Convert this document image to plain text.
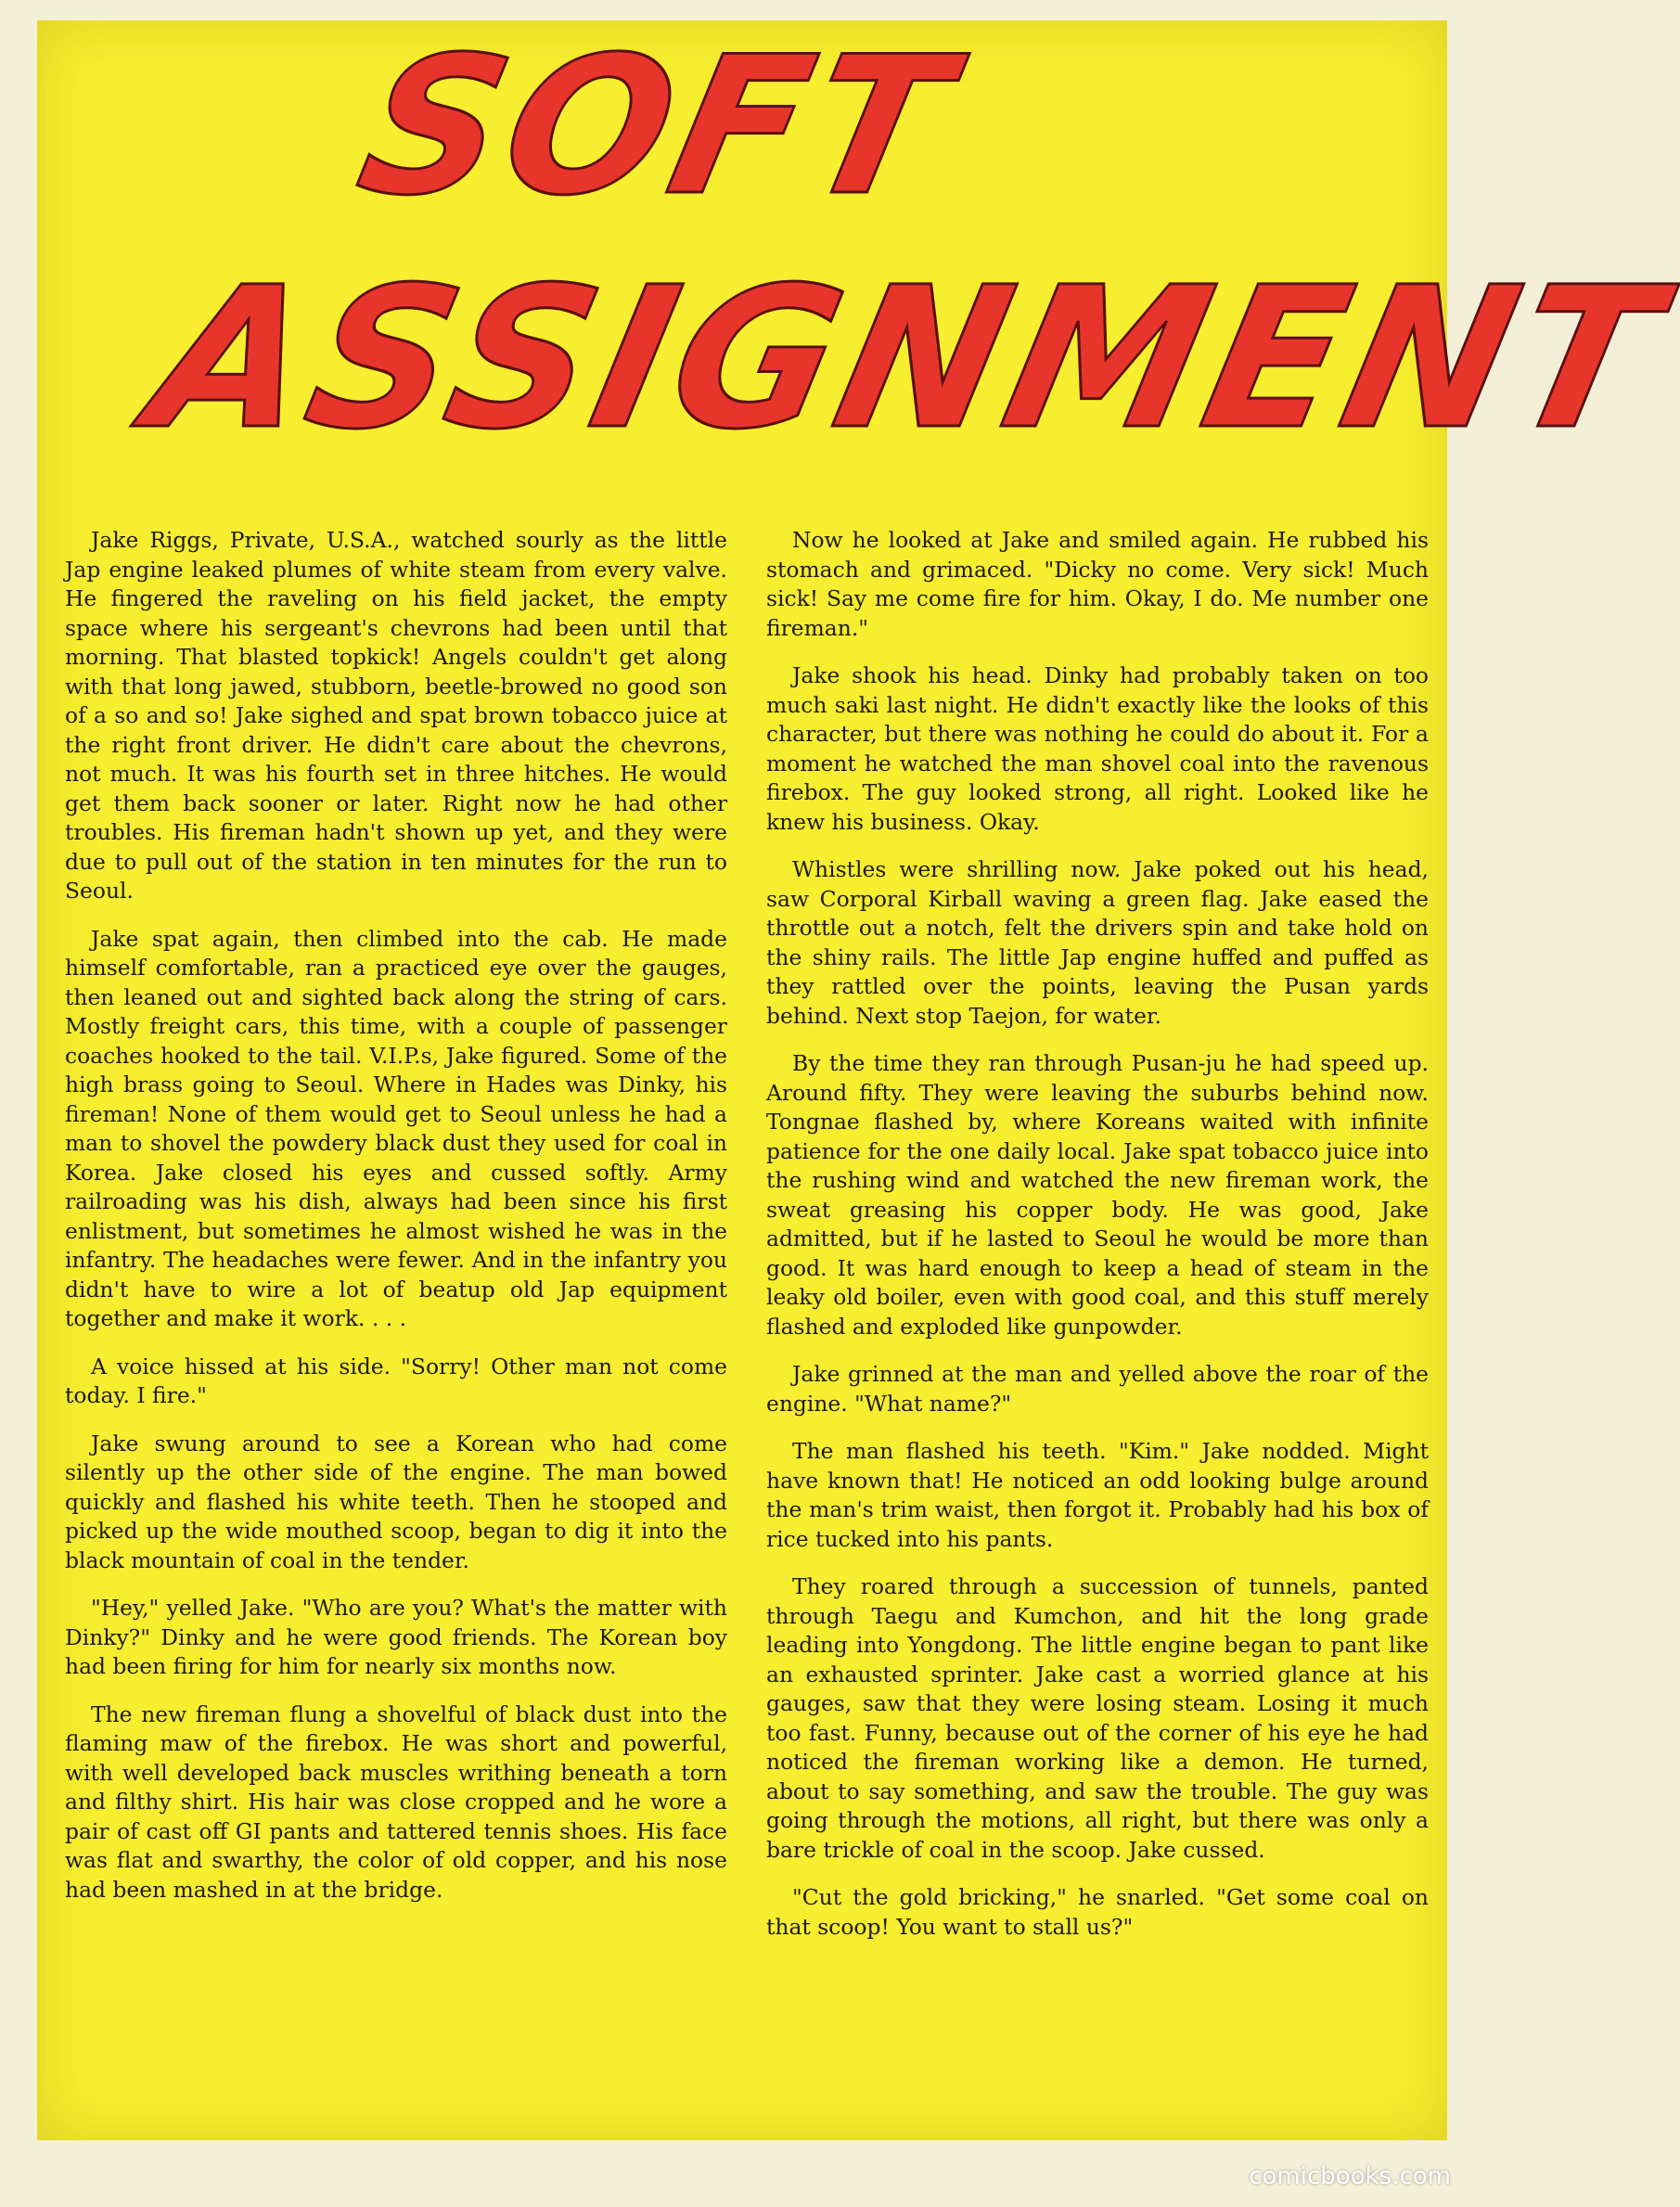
SOFT
ASSIGNMENT

Jake Riggs, Private, U.S.A., watched sourly as the little Jap engine leaked plumes of white steam from every valve. He fingered the raveling on his field jacket, the empty space where his sergeant's chevrons had been until that morning. That blasted topkick! Angels couldn't get along with that long jawed, stubborn, beetle-browed no good son of a so and so! Jake sighed and spat brown tobacco juice at the right front driver. He didn't care about the chevrons, not much. It was his fourth set in three hitches. He would get them back sooner or later. Right now he had other troubles. His fireman hadn't shown up yet, and they were due to pull out of the station in ten minutes for the run to Seoul.

Jake spat again, then climbed into the cab. He made himself comfortable, ran a practiced eye over the gauges, then leaned out and sighted back along the string of cars. Mostly freight cars, this time, with a couple of passenger coaches hooked to the tail. V.I.P.s, Jake figured. Some of the high brass going to Seoul. Where in Hades was Dinky, his fireman! None of them would get to Seoul unless he had a man to shovel the powdery black dust they used for coal in Korea. Jake closed his eyes and cussed softly. Army railroading was his dish, always had been since his first enlistment, but sometimes he almost wished he was in the infantry. The headaches were fewer. And in the infantry you didn't have to wire a lot of beatup old Jap equipment together and make it work. . . .

A voice hissed at his side. "Sorry! Other man not come today. I fire."

Jake swung around to see a Korean who had come silently up the other side of the engine. The man bowed quickly and flashed his white teeth. Then he stooped and picked up the wide mouthed scoop, began to dig it into the black mountain of coal in the tender.

"Hey," yelled Jake. "Who are you? What's the matter with Dinky?" Dinky and he were good friends. The Korean boy had been firing for him for nearly six months now.

The new fireman flung a shovelful of black dust into the flaming maw of the firebox. He was short and powerful, with well developed back muscles writhing beneath a torn and filthy shirt. His hair was close cropped and he wore a pair of cast off GI pants and tattered tennis shoes. His face was flat and swarthy, the color of old copper, and his nose had been mashed in at the bridge.

Now he looked at Jake and smiled again. He rubbed his stomach and grimaced. "Dicky no come. Very sick! Much sick! Say me come fire for him. Okay, I do. Me number one fireman."

Jake shook his head. Dinky had probably taken on too much saki last night. He didn't exactly like the looks of this character, but there was nothing he could do about it. For a moment he watched the man shovel coal into the ravenous firebox. The guy looked strong, all right. Looked like he knew his business. Okay.

Whistles were shrilling now. Jake poked out his head, saw Corporal Kirball waving a green flag. Jake eased the throttle out a notch, felt the drivers spin and take hold on the shiny rails. The little Jap engine huffed and puffed as they rattled over the points, leaving the Pusan yards behind. Next stop Taejon, for water.

By the time they ran through Pusan-ju he had speed up. Around fifty. They were leaving the suburbs behind now. Tongnae flashed by, where Koreans waited with infinite patience for the one daily local. Jake spat tobacco juice into the rushing wind and watched the new fireman work, the sweat greasing his copper body. He was good, Jake admitted, but if he lasted to Seoul he would be more than good. It was hard enough to keep a head of steam in the leaky old boiler, even with good coal, and this stuff merely flashed and exploded like gunpowder.

Jake grinned at the man and yelled above the roar of the engine. "What name?"

The man flashed his teeth. "Kim." Jake nodded. Might have known that! He noticed an odd looking bulge around the man's trim waist, then forgot it. Probably had his box of rice tucked into his pants.

They roared through a succession of tunnels, panted through Taegu and Kumchon, and hit the long grade leading into Yongdong. The little engine began to pant like an exhausted sprinter. Jake cast a worried glance at his gauges, saw that they were losing steam. Losing it much too fast. Funny, because out of the corner of his eye he had noticed the fireman working like a demon. He turned, about to say something, and saw the trouble. The guy was going through the motions, all right, but there was only a bare trickle of coal in the scoop. Jake cussed.

"Cut the gold bricking," he snarled. "Get some coal on that scoop! You want to stall us?"

comicbooks.com
